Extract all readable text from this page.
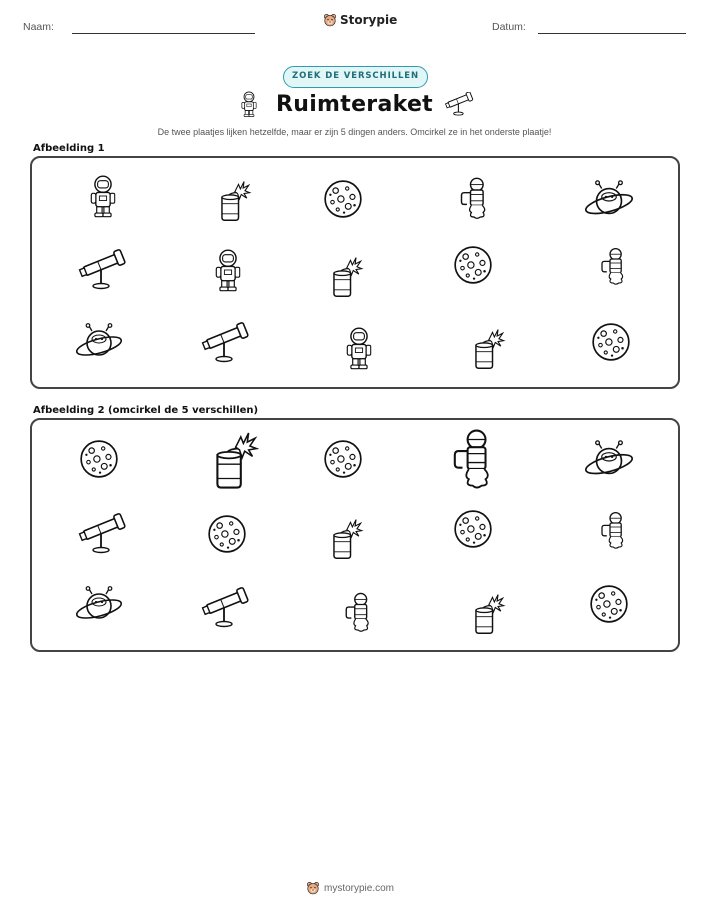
Naam:	Storypie	Datum:
ZOEK DE VERSCHILLEN
Ruimteraket
De twee plaatjes lijken hetzelfde, maar er zijn 5 dingen anders. Omcirkel ze in het onderste plaatje!
Afbeelding 1
Afbeelding 2 (omcirkel de 5 verschillen)
mystorypie.com
